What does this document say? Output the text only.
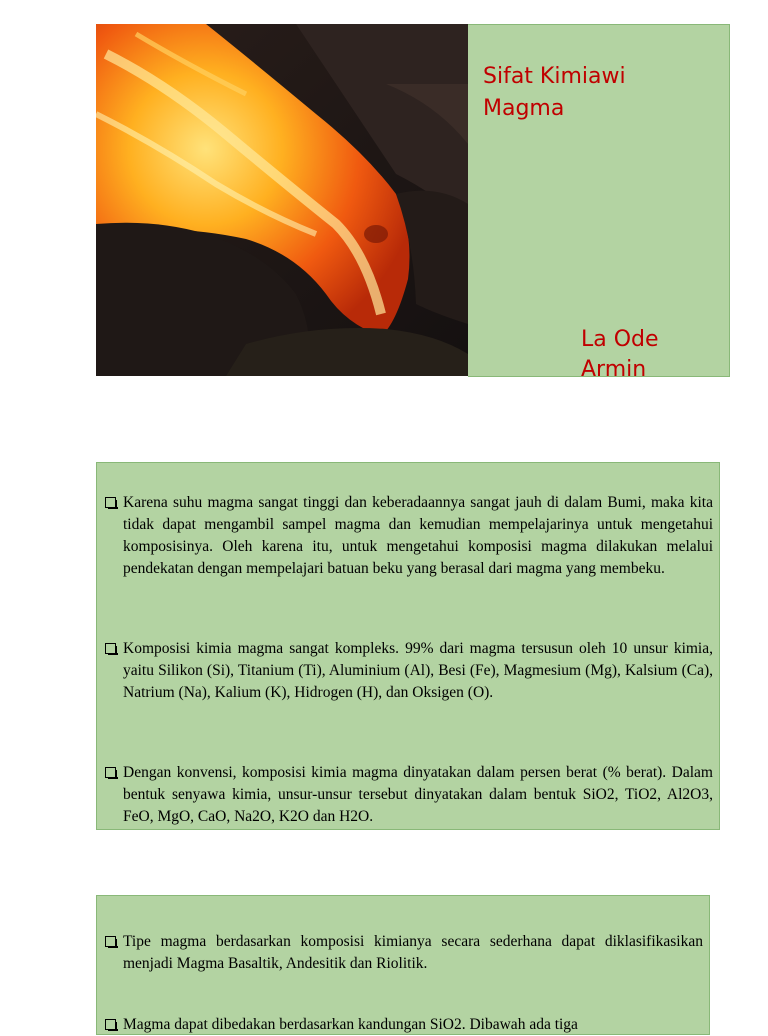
Sifat Kimiawi Magma
La Ode Armin
Karena suhu magma sangat tinggi dan keberadaannya sangat jauh di dalam Bumi, maka kita tidak dapat mengambil sampel magma dan kemudian mempelajarinya untuk mengetahui komposisinya. Oleh karena itu, untuk mengetahui komposisi magma dilakukan melalui pendekatan dengan mempelajari batuan beku yang berasal dari magma yang membeku.
Komposisi kimia magma sangat kompleks. 99% dari magma tersusun oleh 10 unsur kimia, yaitu Silikon (Si), Titanium (Ti), Aluminium (Al), Besi (Fe), Magmesium (Mg), Kalsium (Ca), Natrium (Na), Kalium (K), Hidrogen (H), dan Oksigen (O).
Dengan konvensi, komposisi kimia magma dinyatakan dalam persen berat (% berat). Dalam bentuk senyawa kimia, unsur-unsur tersebut dinyatakan dalam bentuk SiO2, TiO2, Al2O3, FeO, MgO, CaO, Na2O, K2O dan H2O.
Tipe magma berdasarkan komposisi kimianya secara sederhana dapat diklasifikasikan menjadi Magma Basaltik, Andesitik dan Riolitik.
Magma dapat dibedakan berdasarkan kandungan SiO2. Dibawah ada tiga
